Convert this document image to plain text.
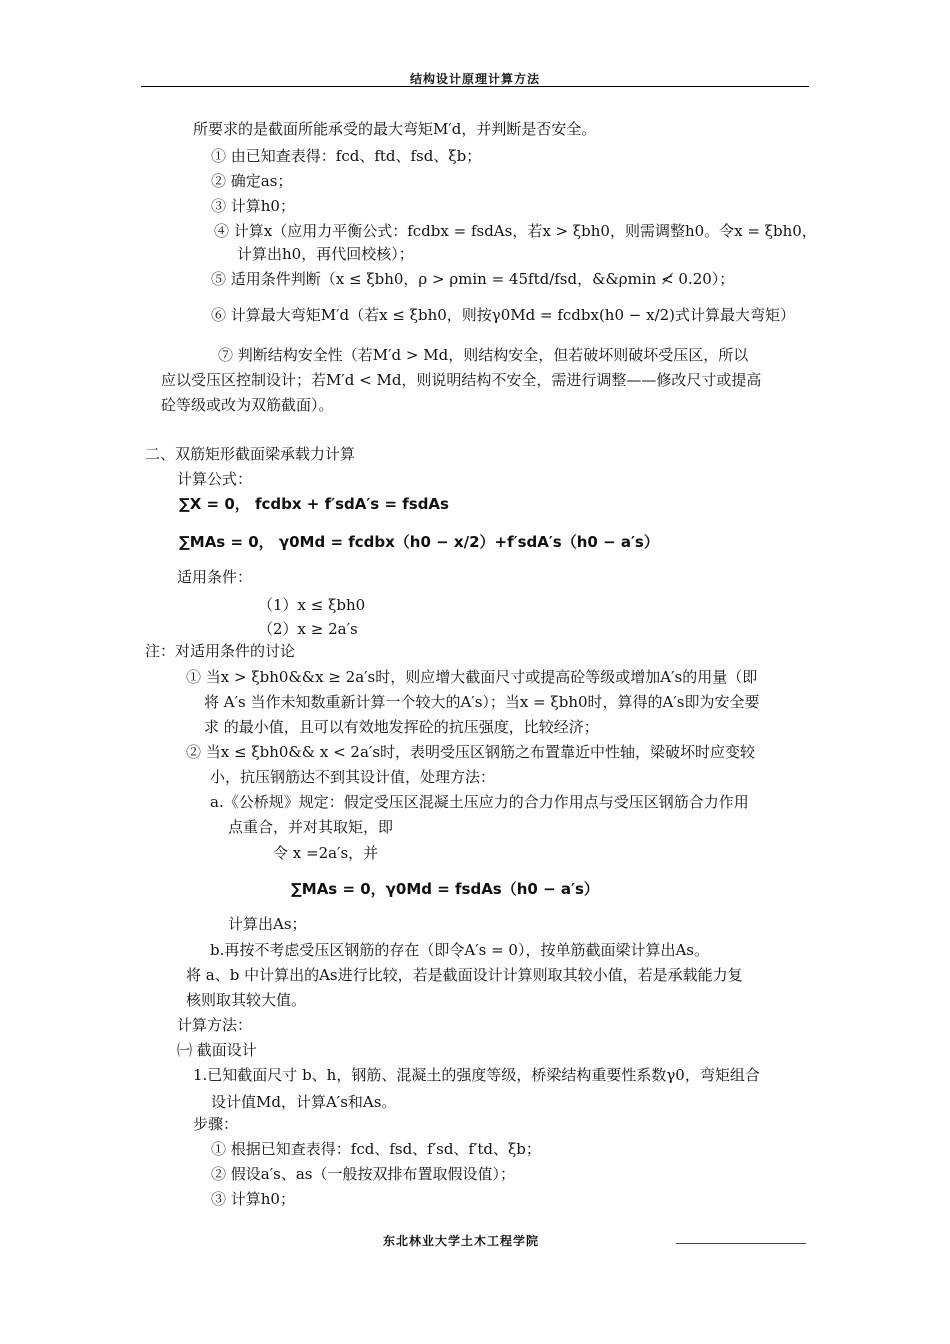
结构设计原理计算方法
所要求的是截面所能承受的最大弯矩M′d，并判断是否安全。
① 由已知查表得：fcd、ftd、fsd、ξb；
② 确定as；
③ 计算h0；
④ 计算x（应用力平衡公式：fcdbx = fsdAs，若x > ξbh0，则需调整h0。令x = ξbh0，
计算出h0，再代回校核）；
⑤ 适用条件判断（x ≤ ξbh0，ρ > ρmin = 45ftd/fsd，&&ρmin ≮ 0.20）；
⑥ 计算最大弯矩M′d（若x ≤ ξbh0，则按γ0Md = fcdbx(h0 − x/2)式计算最大弯矩）
⑦ 判断结构安全性（若M′d > Md，则结构安全，但若破坏则破坏受压区，所以
应以受压区控制设计；若M′d < Md，则说明结构不安全，需进行调整——修改尺寸或提高
砼等级或改为双筋截面）。
二、双筋矩形截面梁承载力计算
计算公式：
∑X = 0， fcdbx + f′sdA′s = fsdAs
∑MAs = 0， γ0Md = fcdbx（h0 − x/2）+f′sdA′s（h0 − a′s）
适用条件：
（1）x ≤ ξbh0
（2）x ≥ 2a′s
注：对适用条件的讨论
① 当x > ξbh0&&x ≥ 2a′s时，则应增大截面尺寸或提高砼等级或增加A′s的用量（即
将 A′s 当作未知数重新计算一个较大的A′s）；当x = ξbh0时，算得的A′s即为安全要
求 的最小值，且可以有效地发挥砼的抗压强度，比较经济；
② 当x ≤ ξbh0&& x < 2a′s时，表明受压区钢筋之布置靠近中性轴，梁破坏时应变较
小，抗压钢筋达不到其设计值，处理方法：
a.《公桥规》规定：假定受压区混凝土压应力的合力作用点与受压区钢筋合力作用
点重合，并对其取矩，即
令 x =2a′s，并
∑MAs = 0，γ0Md = fsdAs（h0 − a′s）
计算出As；
b.再按不考虑受压区钢筋的存在（即令A′s = 0），按单筋截面梁计算出As。
将 a、b 中计算出的As进行比较，若是截面设计计算则取其较小值，若是承载能力复
核则取其较大值。
计算方法：
㈠ 截面设计
1.已知截面尺寸 b、h，钢筋、混凝土的强度等级，桥梁结构重要性系数γ0，弯矩组合
设计值Md，计算A′s和As。
步骤：
① 根据已知查表得：fcd、fsd、f′sd、f′td、ξb；
② 假设a′s、as（一般按双排布置取假设值）；
③ 计算h0；
东北林业大学土木工程学院
